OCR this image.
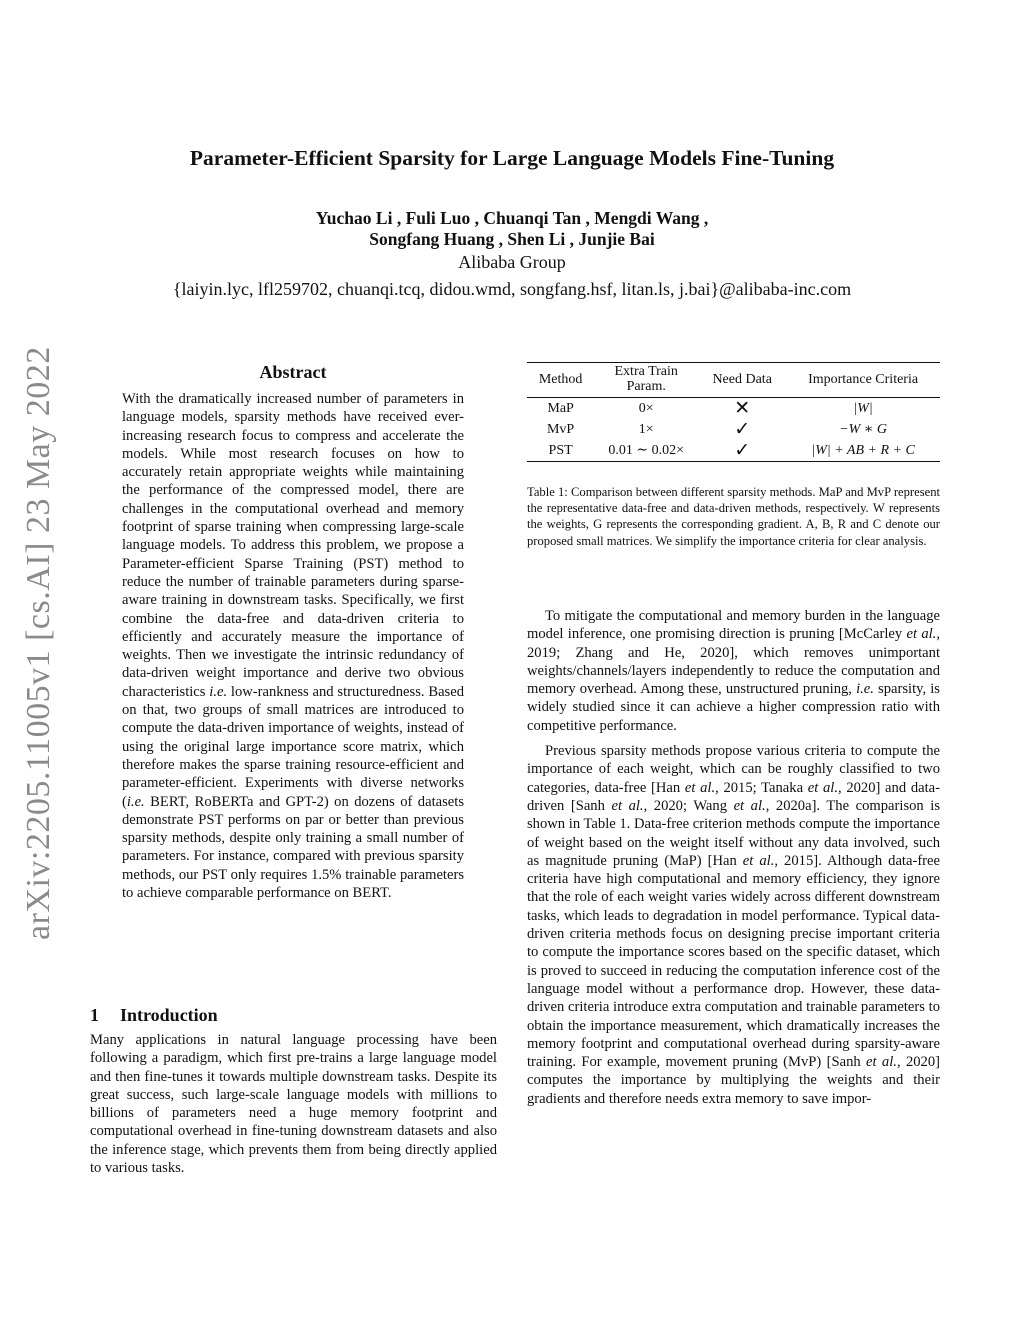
arXiv:2205.11005v1 [cs.AI] 23 May 2022
Parameter-Efficient Sparsity for Large Language Models Fine-Tuning
Yuchao Li , Fuli Luo , Chuanqi Tan , Mengdi Wang ,
Songfang Huang , Shen Li , Junjie Bai
Alibaba Group
{laiyin.lyc, lfl259702, chuanqi.tcq, didou.wmd, songfang.hsf, litan.ls, j.bai}@alibaba-inc.com
Abstract

With the dramatically increased number of parameters in language models, sparsity methods have received ever-increasing research focus to compress and accelerate the models. While most research focuses on how to accurately retain appropriate weights while maintaining the performance of the compressed model, there are challenges in the computational overhead and memory footprint of sparse training when compressing large-scale language models. To address this problem, we propose a Parameter-efficient Sparse Training (PST) method to reduce the number of trainable parameters during sparse-aware training in downstream tasks. Specifically, we first combine the data-free and data-driven criteria to efficiently and accurately measure the importance of weights. Then we investigate the intrinsic redundancy of data-driven weight importance and derive two obvious characteristics i.e. low-rankness and structuredness. Based on that, two groups of small matrices are introduced to compute the data-driven importance of weights, instead of using the original large importance score matrix, which therefore makes the sparse training resource-efficient and parameter-efficient. Experiments with diverse networks (i.e. BERT, RoBERTa and GPT-2) on dozens of datasets demonstrate PST performs on par or better than previous sparsity methods, despite only training a small number of parameters. For instance, compared with previous sparsity methods, our PST only requires 1.5% trainable parameters to achieve comparable performance on BERT.

1 Introduction

Many applications in natural language processing have been following a paradigm, which first pre-trains a large language model and then fine-tunes it towards multiple downstream tasks. Despite its great success, such large-scale language models with millions to billions of parameters need a huge memory footprint and computational overhead in fine-tuning downstream datasets and also the inference stage, which prevents them from being directly applied to various tasks.

Method	Extra Train Param.	Need Data	Importance Criteria
MaP	0×	✕	|W|
MvP	1×	✓	−W ∗ G
PST	0.01 ∼ 0.02×	✓	|W| + AB + R + C
Table 1: Comparison between different sparsity methods. MaP and MvP represent the representative data-free and data-driven methods, respectively. W represents the weights, G represents the corresponding gradient. A, B, R and C denote our proposed small matrices. We simplify the importance criteria for clear analysis.

To mitigate the computational and memory burden in the language model inference, one promising direction is pruning [McCarley et al., 2019; Zhang and He, 2020], which removes unimportant weights/channels/layers independently to reduce the computation and memory overhead. Among these, unstructured pruning, i.e. sparsity, is widely studied since it can achieve a higher compression ratio with competitive performance.

Previous sparsity methods propose various criteria to compute the importance of each weight, which can be roughly classified to two categories, data-free [Han et al., 2015; Tanaka et al., 2020] and data-driven [Sanh et al., 2020; Wang et al., 2020a]. The comparison is shown in Table 1. Data-free criterion methods compute the importance of weight based on the weight itself without any data involved, such as magnitude pruning (MaP) [Han et al., 2015]. Although data-free criteria have high computational and memory efficiency, they ignore that the role of each weight varies widely across different downstream tasks, which leads to degradation in model performance. Typical data-driven criteria methods focus on designing precise important criteria to compute the importance scores based on the specific dataset, which is proved to succeed in reducing the computation inference cost of the language model without a performance drop. However, these data-driven criteria introduce extra computation and trainable parameters to obtain the importance measurement, which dramatically increases the memory footprint and computational overhead during sparsity-aware training. For example, movement pruning (MvP) [Sanh et al., 2020] computes the importance by multiplying the weights and their gradients and therefore needs extra memory to save impor-
